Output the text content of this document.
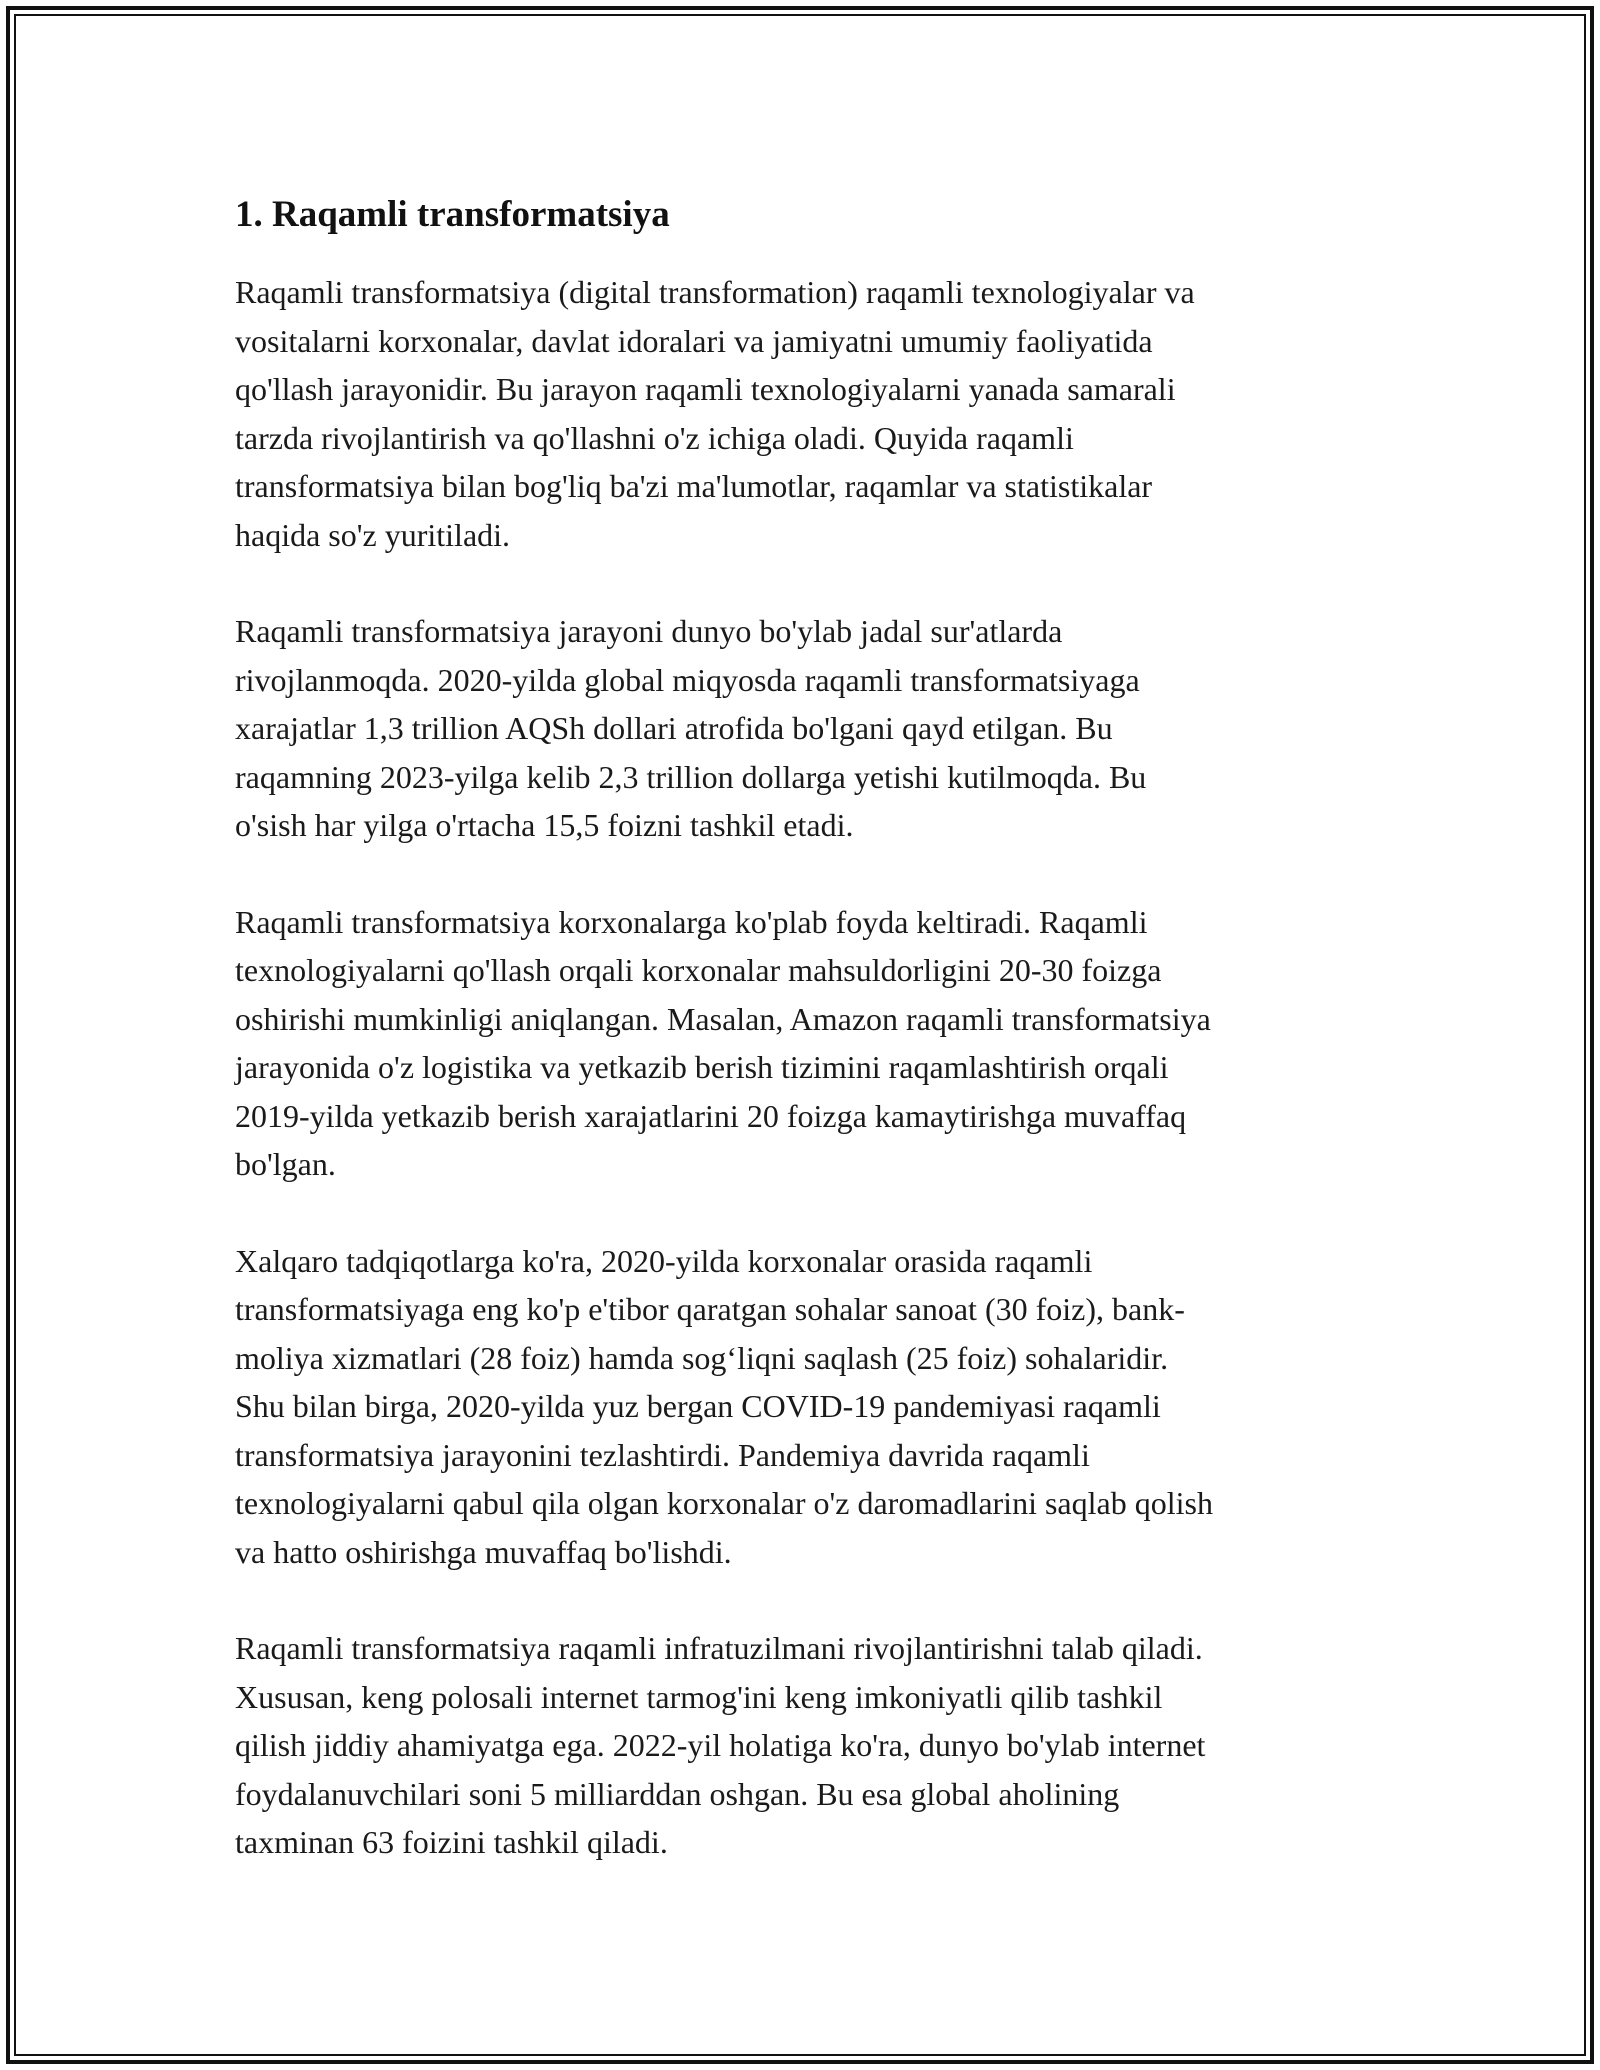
1. Raqamli transformatsiya
Raqamli transformatsiya (digital transformation) raqamli texnologiyalar va
vositalarni korxonalar, davlat idoralari va jamiyatni umumiy faoliyatida
qo'llash jarayonidir. Bu jarayon raqamli texnologiyalarni yanada samarali
tarzda rivojlantirish va qo'llashni o'z ichiga oladi. Quyida raqamli
transformatsiya bilan bog'liq ba'zi ma'lumotlar, raqamlar va statistikalar
haqida so'z yuritiladi.
Raqamli transformatsiya jarayoni dunyo bo'ylab jadal sur'atlarda
rivojlanmoqda. 2020-yilda global miqyosda raqamli transformatsiyaga
xarajatlar 1,3 trillion AQSh dollari atrofida bo'lgani qayd etilgan. Bu
raqamning 2023-yilga kelib 2,3 trillion dollarga yetishi kutilmoqda. Bu
o'sish har yilga o'rtacha 15,5 foizni tashkil etadi.
Raqamli transformatsiya korxonalarga ko'plab foyda keltiradi. Raqamli
texnologiyalarni qo'llash orqali korxonalar mahsuldorligini 20-30 foizga
oshirishi mumkinligi aniqlangan. Masalan, Amazon raqamli transformatsiya
jarayonida o'z logistika va yetkazib berish tizimini raqamlashtirish orqali
2019-yilda yetkazib berish xarajatlarini 20 foizga kamaytirishga muvaffaq
bo'lgan.
Xalqaro tadqiqotlarga ko'ra, 2020-yilda korxonalar orasida raqamli
transformatsiyaga eng ko'p e'tibor qaratgan sohalar sanoat (30 foiz), bank-
moliya xizmatlari (28 foiz) hamda sog‘liqni saqlash (25 foiz) sohalaridir.
Shu bilan birga, 2020-yilda yuz bergan COVID-19 pandemiyasi raqamli
transformatsiya jarayonini tezlashtirdi. Pandemiya davrida raqamli
texnologiyalarni qabul qila olgan korxonalar o'z daromadlarini saqlab qolish
va hatto oshirishga muvaffaq bo'lishdi.
Raqamli transformatsiya raqamli infratuzilmani rivojlantirishni talab qiladi.
Xususan, keng polosali internet tarmog'ini keng imkoniyatli qilib tashkil
qilish jiddiy ahamiyatga ega. 2022-yil holatiga ko'ra, dunyo bo'ylab internet
foydalanuvchilari soni 5 milliarddan oshgan. Bu esa global aholining
taxminan 63 foizini tashkil qiladi.
